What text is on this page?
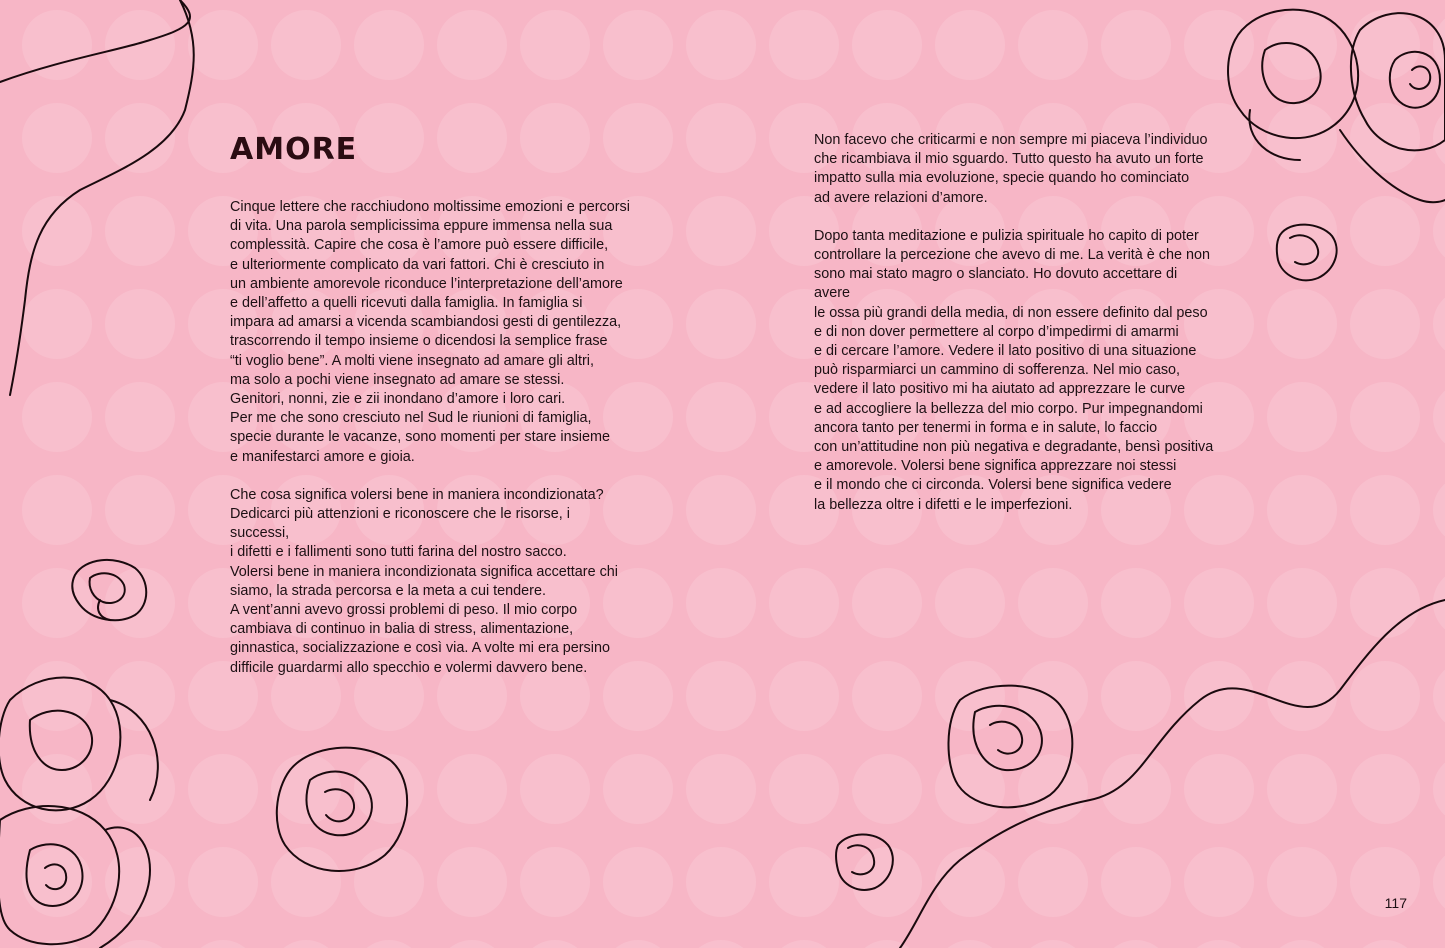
AMORE

Cinque lettere che racchiudono moltissime emozioni e percorsi
di vita. Una parola semplicissima eppure immensa nella sua
complessità. Capire che cosa è l’amore può essere difficile,
e ulteriormente complicato da vari fattori. Chi è cresciuto in
un ambiente amorevole riconduce l’interpretazione dell’amore
e dell’affetto a quelli ricevuti dalla famiglia. In famiglia si
impara ad amarsi a vicenda scambiandosi gesti di gentilezza,
trascorrendo il tempo insieme o dicendosi la semplice frase
“ti voglio bene”. A molti viene insegnato ad amare gli altri,
ma solo a pochi viene insegnato ad amare se stessi.
Genitori, nonni, zie e zii inondano d’amore i loro cari.
Per me che sono cresciuto nel Sud le riunioni di famiglia,
specie durante le vacanze, sono momenti per stare insieme
e manifestarci amore e gioia.

Che cosa significa volersi bene in maniera incondizionata?
Dedicarci più attenzioni e riconoscere che le risorse, i successi,
i difetti e i fallimenti sono tutti farina del nostro sacco.
Volersi bene in maniera incondizionata significa accettare chi
siamo, la strada percorsa e la meta a cui tendere.
A vent’anni avevo grossi problemi di peso. Il mio corpo
cambiava di continuo in balia di stress, alimentazione,
ginnastica, socializzazione e così via. A volte mi era persino
difficile guardarmi allo specchio e volermi davvero bene.

Non facevo che criticarmi e non sempre mi piaceva l’individuo
che ricambiava il mio sguardo. Tutto questo ha avuto un forte
impatto sulla mia evoluzione, specie quando ho cominciato
ad avere relazioni d’amore.

Dopo tanta meditazione e pulizia spirituale ho capito di poter
controllare la percezione che avevo di me. La verità è che non
sono mai stato magro o slanciato. Ho dovuto accettare di avere
le ossa più grandi della media, di non essere definito dal peso
e di non dover permettere al corpo d’impedirmi di amarmi
e di cercare l’amore. Vedere il lato positivo di una situazione
può risparmiarci un cammino di sofferenza. Nel mio caso,
vedere il lato positivo mi ha aiutato ad apprezzare le curve
e ad accogliere la bellezza del mio corpo. Pur impegnandomi
ancora tanto per tenermi in forma e in salute, lo faccio
con un’attitudine non più negativa e degradante, bensì positiva
e amorevole. Volersi bene significa apprezzare noi stessi
e il mondo che ci circonda. Volersi bene significa vedere
la bellezza oltre i difetti e le imperfezioni.

117
